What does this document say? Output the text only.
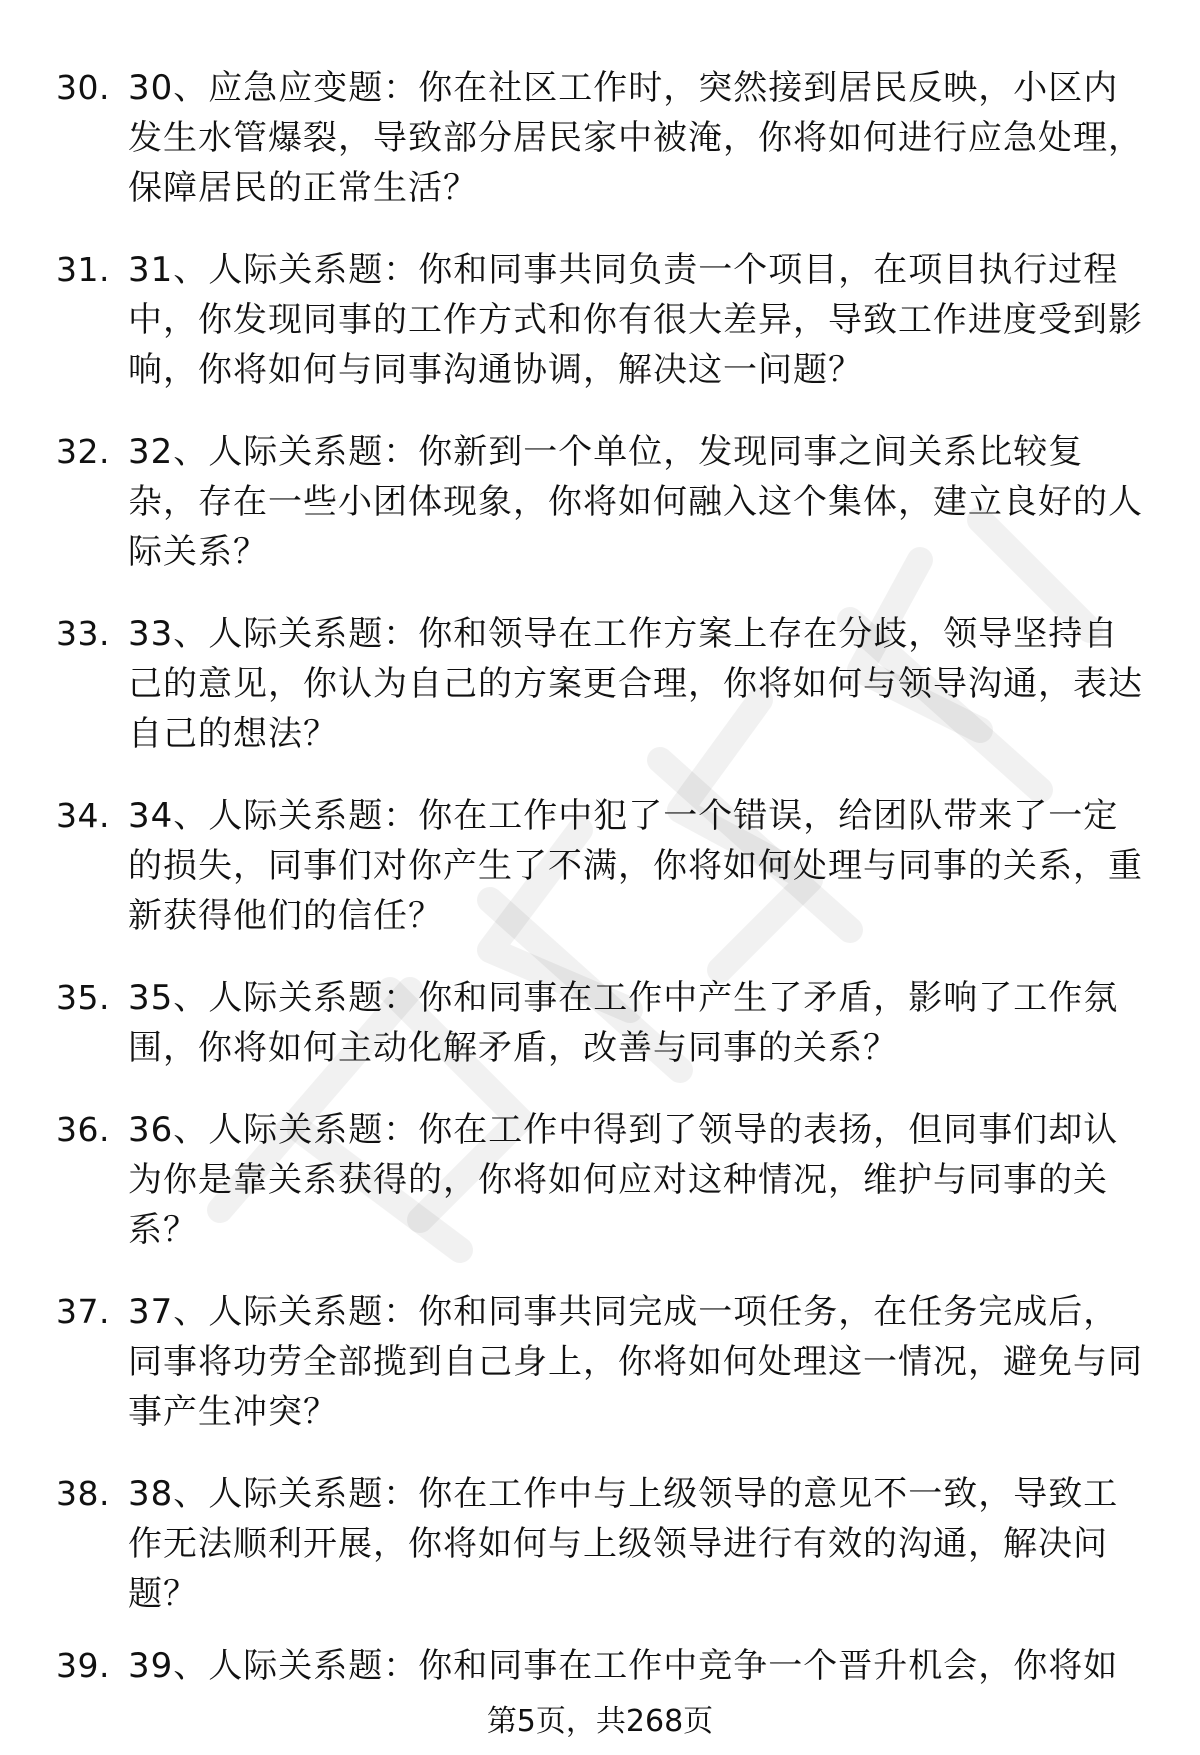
30. 30、应急应变题：你在社区工作时，突然接到居民反映，小区内发生水管爆裂，导致部分居民家中被淹，你将如何进行应急处理，保障居民的正常生活？
31. 31、人际关系题：你和同事共同负责一个项目，在项目执行过程中，你发现同事的工作方式和你有很大差异，导致工作进度受到影响，你将如何与同事沟通协调，解决这一问题？
32. 32、人际关系题：你新到一个单位，发现同事之间关系比较复杂，存在一些小团体现象，你将如何融入这个集体，建立良好的人际关系？
33. 33、人际关系题：你和领导在工作方案上存在分歧，领导坚持自己的意见，你认为自己的方案更合理，你将如何与领导沟通，表达自己的想法？
34. 34、人际关系题：你在工作中犯了一个错误，给团队带来了一定的损失，同事们对你产生了不满，你将如何处理与同事的关系，重新获得他们的信任？
35. 35、人际关系题：你和同事在工作中产生了矛盾，影响了工作氛围，你将如何主动化解矛盾，改善与同事的关系？
36. 36、人际关系题：你在工作中得到了领导的表扬，但同事们却认为你是靠关系获得的，你将如何应对这种情况，维护与同事的关系？
37. 37、人际关系题：你和同事共同完成一项任务，在任务完成后，同事将功劳全部揽到自己身上，你将如何处理这一情况，避免与同事产生冲突？
38. 38、人际关系题：你在工作中与上级领导的意见不一致，导致工作无法顺利开展，你将如何与上级领导进行有效的沟通，解决问题？
39. 39、人际关系题：你和同事在工作中竞争一个晋升机会，你将如
第5页，共268页
